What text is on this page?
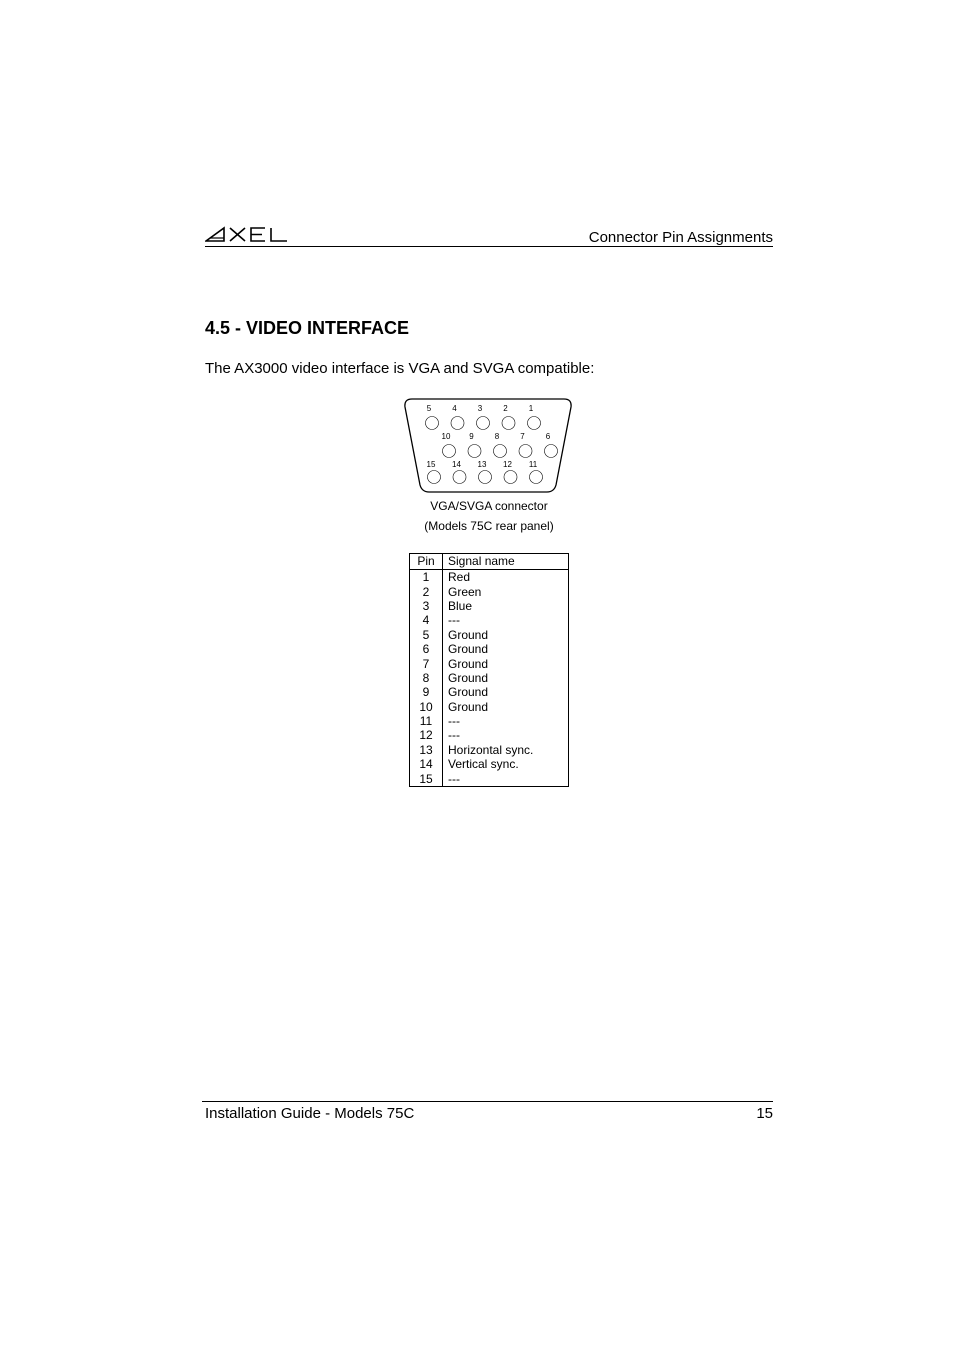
Connector Pin Assignments
4.5 - VIDEO INTERFACE

The AX3000 video interface is VGA and SVGA compatible:

5	4	3	2	1
10 9	8	7	6
15 14 13 12 11
VGA/SVGA connector
(Models 75C rear panel)
Pin	Signal name
1	Red
2	Green
3	Blue
4	---
5	Ground
6	Ground
7	Ground
8	Ground
9	Ground
10	Ground
11	---
12	---
13	Horizontal sync.
14	Vertical sync.
15	---
Installation Guide - Models 75C	15
